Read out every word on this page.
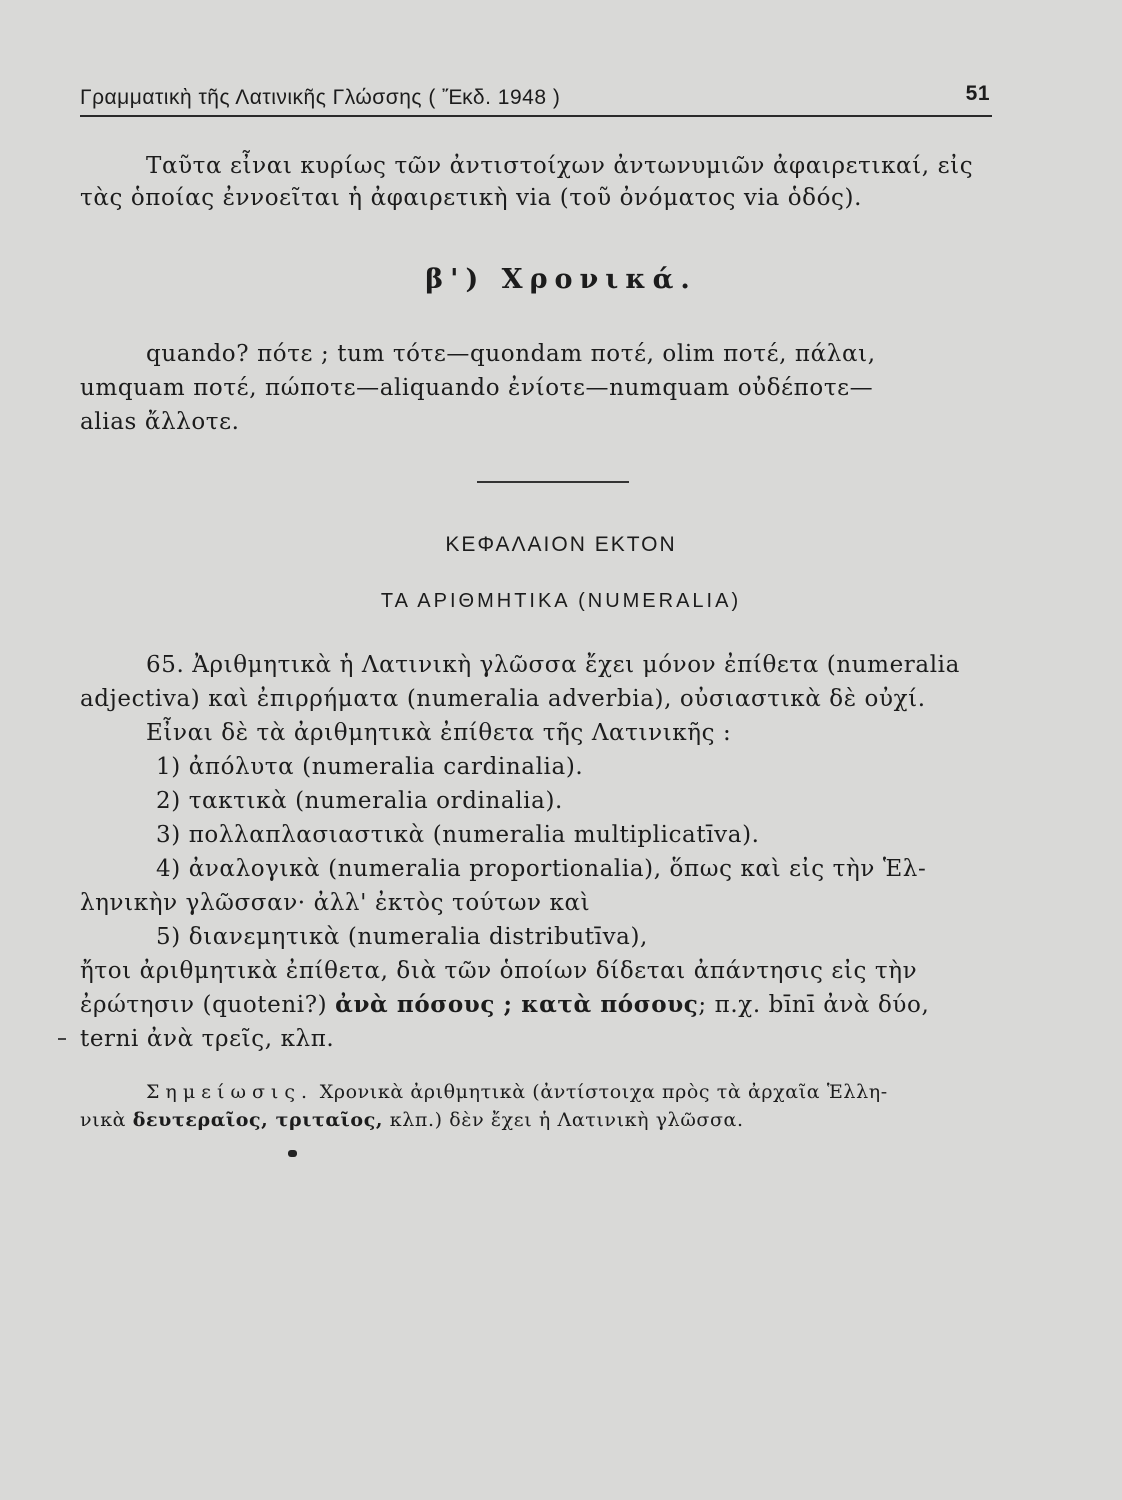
Γραμματικὴ τῆς Λατινικῆς Γλώσσης ( Ἔκδ. 1948 )	51
Ταῦτα εἶναι κυρίως τῶν ἀντιστοίχων ἀντωνυμιῶν ἀφαιρετικαί, εἰς
τὰς ὁποίας ἐννοεῖται ἡ ἀφαιρετικὴ via (τοῦ ὀνόματος via ὁδός).
β') Χρονικά.
quando? πότε ; tum τότε—quondam ποτέ, olim ποτέ, πάλαι,
umquam ποτέ, πώποτε—aliquando ἐνίοτε—numquam οὐδέποτε—
alias ἄλλοτε.
ΚΕΦΑΛΑΙΟΝ ΕΚΤΟΝ
ΤΑ ΑΡΙΘΜΗΤΙΚΑ (NUMERALIA)
65. Ἀριθμητικὰ ἡ Λατινικὴ γλῶσσα ἔχει μόνον ἐπίθετα (numeralia
adjectiva) καὶ ἐπιρρήματα (numeralia adverbia), οὐσιαστικὰ δὲ οὐχί.
Εἶναι δὲ τὰ ἀριθμητικὰ ἐπίθετα τῆς Λατινικῆς :
1) ἀπόλυτα (numeralia cardinalia).
2) τακτικὰ (numeralia ordinalia).
3) πολλαπλασιαστικὰ (numeralia multiplicatīva).
4) ἀναλογικὰ (numeralia proportionalia), ὅπως καὶ εἰς τὴν Ἑλ-
ληνικὴν γλῶσσαν· ἀλλ' ἐκτὸς τούτων καὶ
5) διανεμητικὰ (numeralia distributīva),
ἤτοι ἀριθμητικὰ ἐπίθετα, διὰ τῶν ὁποίων δίδεται ἀπάντησις εἰς τὴν
ἐρώτησιν (quoteni?) ἀνὰ πόσους ; κατὰ πόσους; π.χ. bīnī ἀνὰ δύο,
terni ἀνὰ τρεῖς, κλπ.
Σημείωσις. Χρονικὰ ἀριθμητικὰ (ἀντίστοιχα πρὸς τὰ ἀρχαῖα Ἑλλη-
νικὰ δευτεραῖος, τριταῖος, κλπ.) δὲν ἔχει ἡ Λατινικὴ γλῶσσα.
